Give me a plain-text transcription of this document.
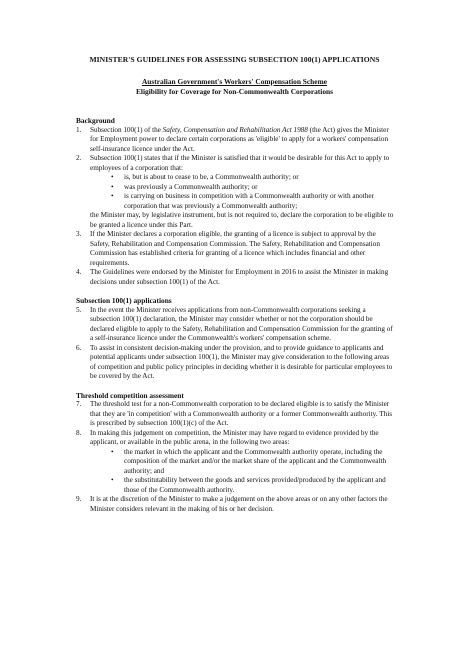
MINISTER'S GUIDELINES FOR ASSESSING SUBSECTION 100(1) APPLICATIONS
Australian Government's Workers' Compensation Scheme
Eligibility for Coverage for Non-Commonwealth Corporations
Background
1. Subsection 100(1) of the Safety, Compensation and Rehabilitation Act 1988 (the Act) gives the Minister for Employment power to declare certain corporations as 'eligible' to apply for a workers' compensation self-insurance licence under the Act.
2. Subsection 100(1) states that if the Minister is satisfied that it would be desirable for this Act to apply to employees of a corporation that:
• is, but is about to cease to be, a Commonwealth authority; or
• was previously a Commonwealth authority; or
• is carrying on business in competition with a Commonwealth authority or with another corporation that was previously a Commonwealth authority;
the Minister may, by legislative instrument, but is not required to, declare the corporation to be eligible to be granted a licence under this Part.
3. If the Minister declares a corporation eligible, the granting of a licence is subject to approval by the Safety, Rehabilitation and Compensation Commission. The Safety, Rehabilitation and Compensation Commission has established criteria for granting of a licence which includes financial and other requirements.
4. The Guidelines were endorsed by the Minister for Employment in 2016 to assist the Minister in making decisions under subsection 100(1) of the Act.
Subsection 100(1) applications
5. In the event the Minister receives applications from non-Commonwealth corporations seeking a subsection 100(1) declaration, the Minister may consider whether or not the corporation should be declared eligible to apply to the Safety, Rehabilitation and Compensation Commission for the granting of a self-insurance licence under the Commonwealth's workers' compensation scheme.
6. To assist in consistent decision-making under the provision, and to provide guidance to applicants and potential applicants under subsection 100(1), the Minister may give consideration to the following areas of competition and public policy principles in deciding whether it is desirable for particular employees to be covered by the Act.
Threshold competition assessment
7. The threshold test for a non-Commonwealth corporation to be declared eligible is to satisfy the Minister that they are 'in competition' with a Commonwealth authority or a former Commonwealth authority. This is prescribed by subsection 100(1)(c) of the Act.
8. In making this judgement on competition, the Minister may have regard to evidence provided by the applicant, or available in the public arena, in the following two areas:
• the market in which the applicant and the Commonwealth authority operate, including the composition of the market and/or the market share of the applicant and the Commonwealth authority; and
• the substitutability between the goods and services provided/produced by the applicant and those of the Commonwealth authority.
9. It is at the discretion of the Minister to make a judgement on the above areas or on any other factors the Minister considers relevant in the making of his or her decision.
